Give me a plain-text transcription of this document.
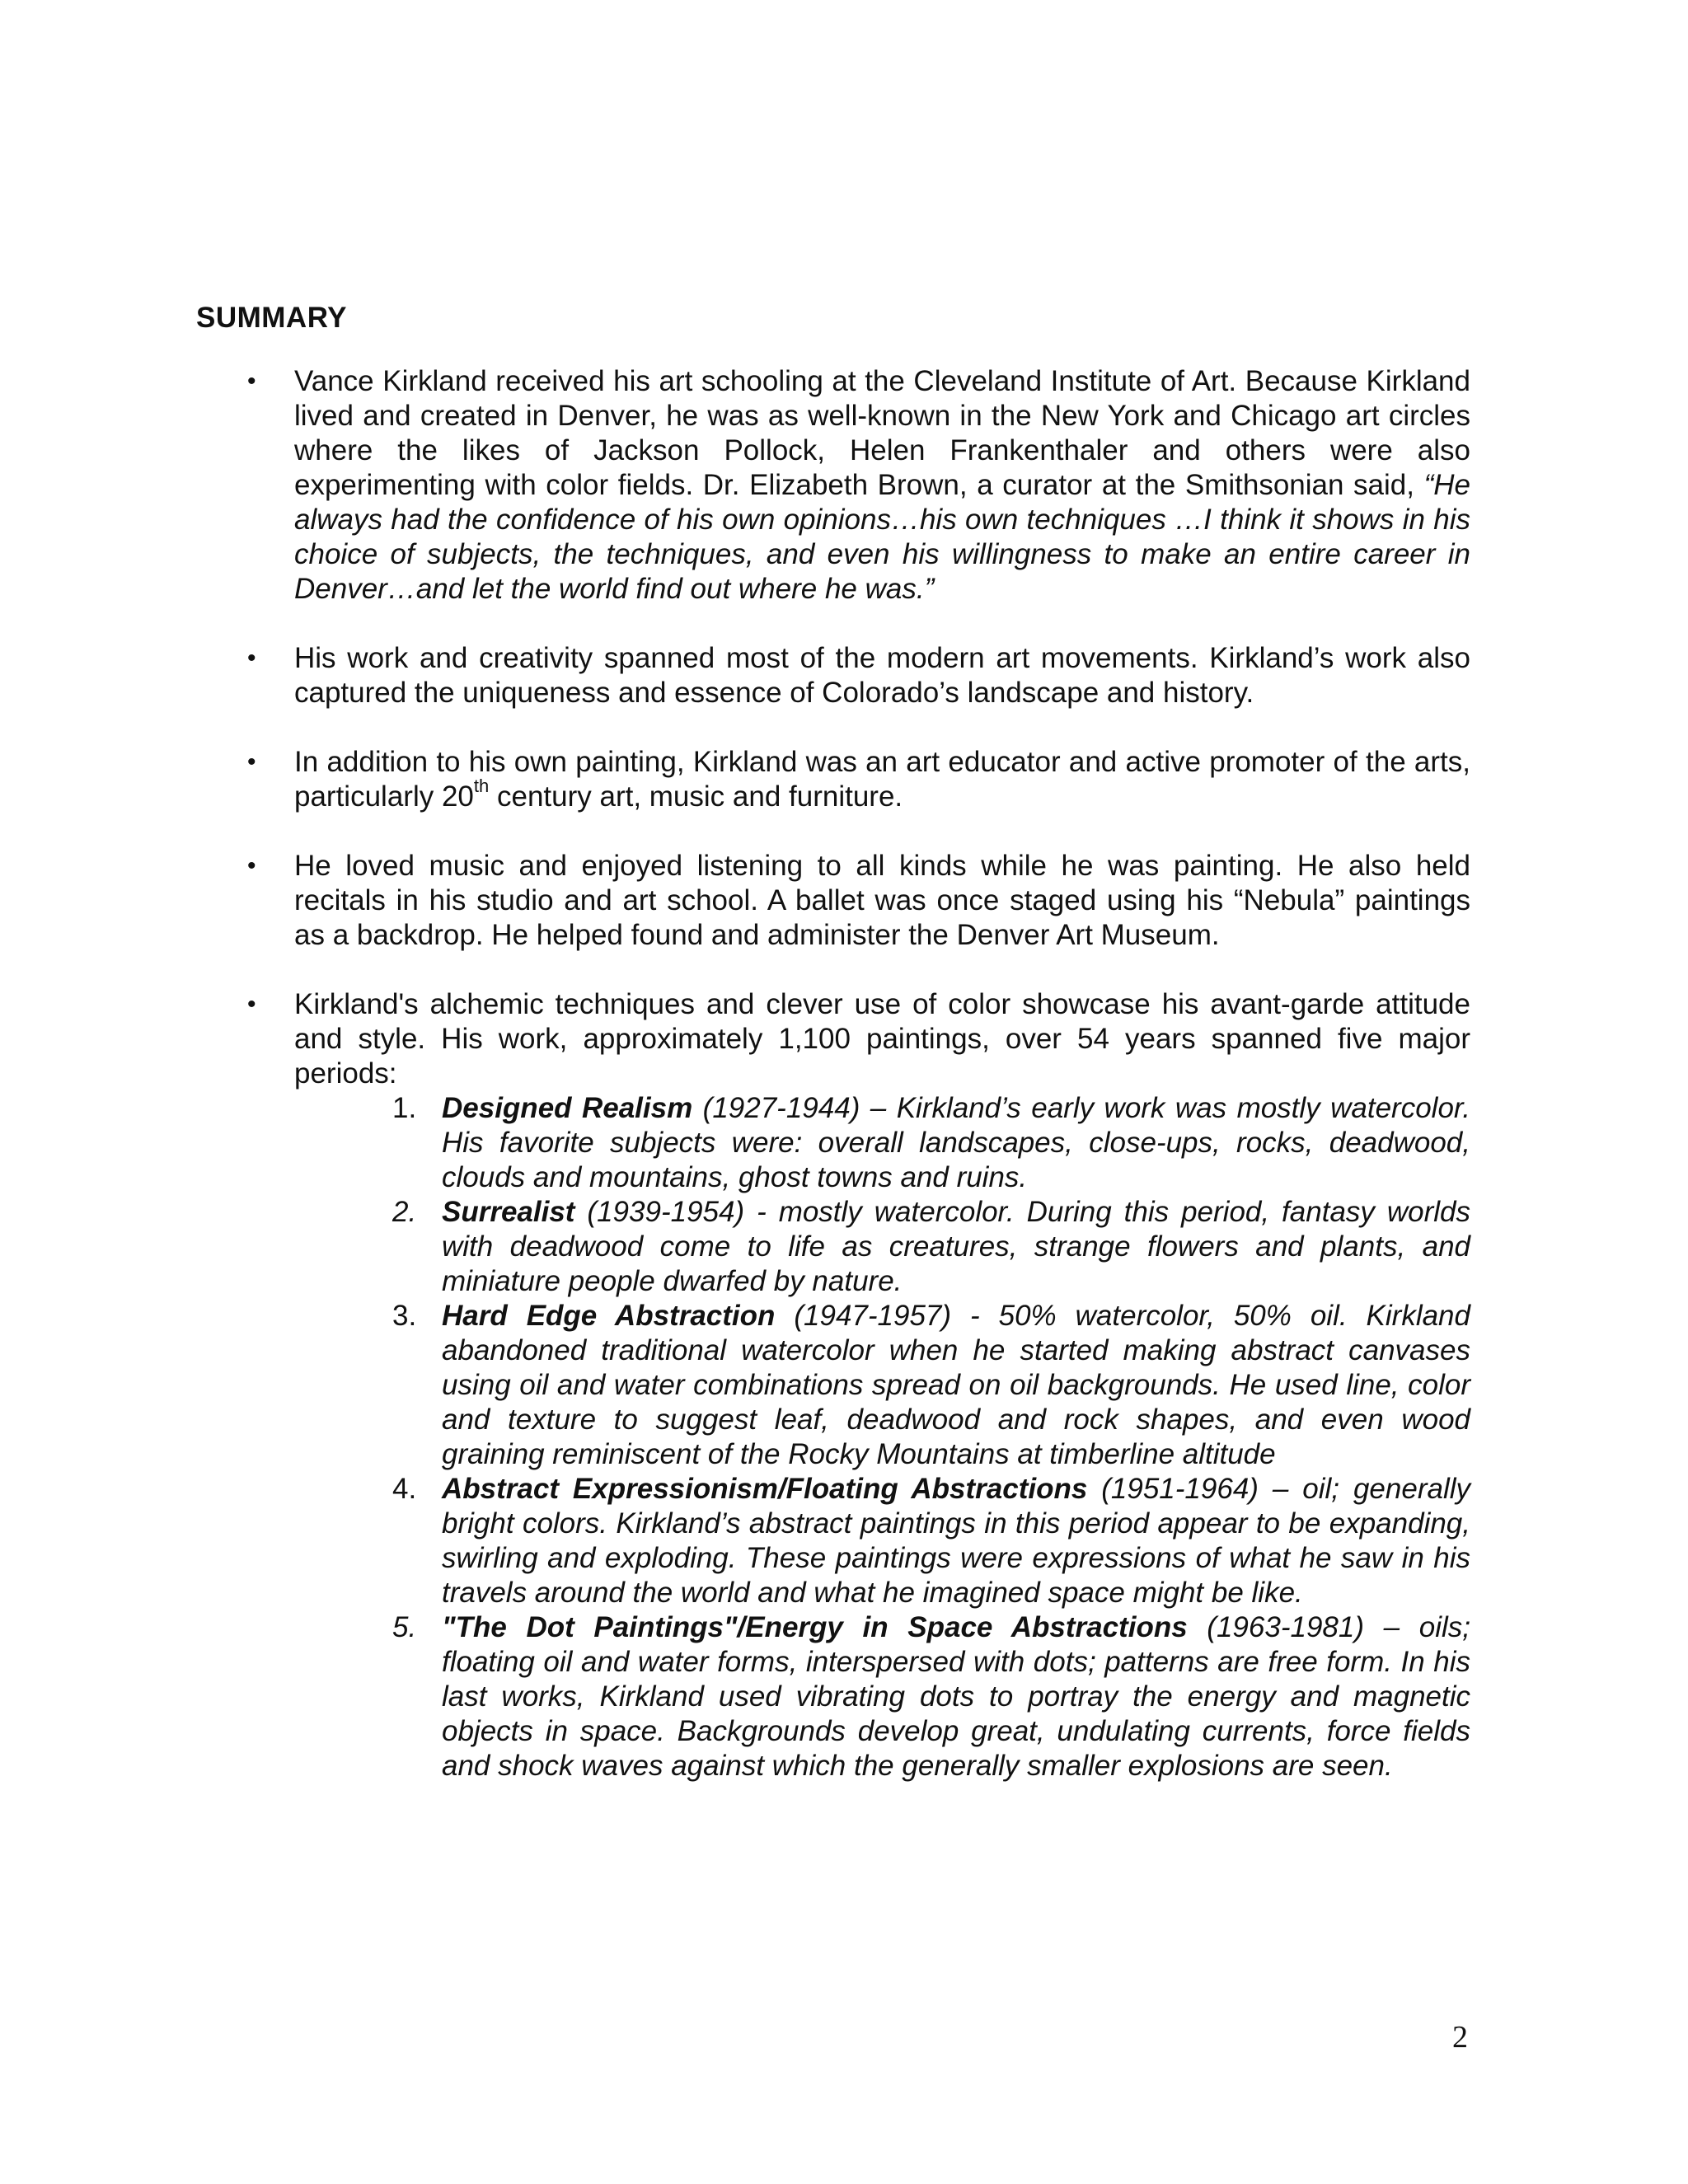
SUMMARY
• Vance Kirkland received his art schooling at the Cleveland Institute of Art. Because Kirkland lived and created in Denver, he was as well-known in the New York and Chicago art circles where the likes of Jackson Pollock, Helen Frankenthaler and others were also experimenting with color fields. Dr. Elizabeth Brown, a curator at the Smithsonian said, “He always had the confidence of his own opinions…his own techniques …I think it shows in his choice of subjects, the techniques, and even his willingness to make an entire career in Denver…and let the world find out where he was.”
• His work and creativity spanned most of the modern art movements. Kirkland’s work also captured the uniqueness and essence of Colorado’s landscape and history.
• In addition to his own painting, Kirkland was an art educator and active promoter of the arts, particularly 20th century art, music and furniture.
• He loved music and enjoyed listening to all kinds while he was painting. He also held recitals in his studio and art school. A ballet was once staged using his “Nebula” paintings as a backdrop. He helped found and administer the Denver Art Museum.
• Kirkland's alchemic techniques and clever use of color showcase his avant-garde attitude and style. His work, approximately 1,100 paintings, over 54 years spanned five major periods:
1. Designed Realism (1927-1944) – Kirkland’s early work was mostly watercolor. His favorite subjects were: overall landscapes, close-ups, rocks, deadwood, clouds and mountains, ghost towns and ruins.
2. Surrealist (1939-1954) - mostly watercolor. During this period, fantasy worlds with deadwood come to life as creatures, strange flowers and plants, and miniature people dwarfed by nature.
3. Hard Edge Abstraction (1947-1957) - 50% watercolor, 50% oil. Kirkland abandoned traditional watercolor when he started making abstract canvases using oil and water combinations spread on oil backgrounds. He used line, color and texture to suggest leaf, deadwood and rock shapes, and even wood graining reminiscent of the Rocky Mountains at timberline altitude
4. Abstract Expressionism/Floating Abstractions (1951-1964) – oil; generally bright colors. Kirkland’s abstract paintings in this period appear to be expanding, swirling and exploding. These paintings were expressions of what he saw in his travels around the world and what he imagined space might be like.
5. "The Dot Paintings"/Energy in Space Abstractions (1963-1981) – oils; floating oil and water forms, interspersed with dots; patterns are free form. In his last works, Kirkland used vibrating dots to portray the energy and magnetic objects in space. Backgrounds develop great, undulating currents, force fields and shock waves against which the generally smaller explosions are seen.
2
